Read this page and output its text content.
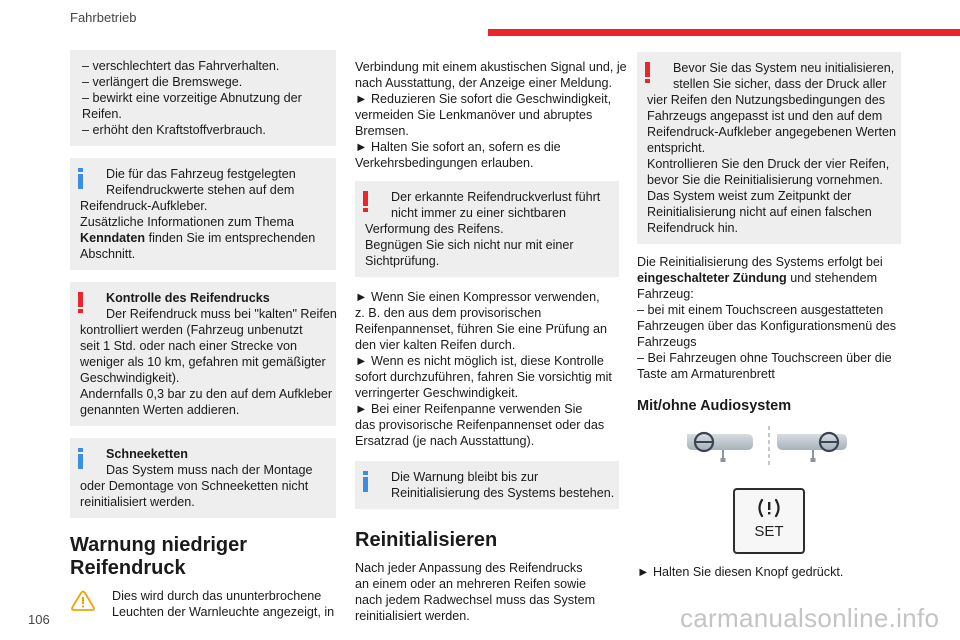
Fahrbetrieb
– verschlechtert das Fahrverhalten.
– verlängert die Bremswege.
– bewirkt eine vorzeitige Abnutzung der
Reifen.
– erhöht den Kraftstoffverbrauch.
Die für das Fahrzeug festgelegten
Reifendruckwerte stehen auf dem
Reifendruck-Aufkleber.
Zusätzliche Informationen zum Thema
Kenndaten finden Sie im entsprechenden
Abschnitt.
Kontrolle des Reifendrucks
Der Reifendruck muss bei "kalten" Reifen
kontrolliert werden (Fahrzeug unbenutzt
seit 1 Std. oder nach einer Strecke von
weniger als 10 km, gefahren mit gemäßigter
Geschwindigkeit).
Andernfalls 0,3 bar zu den auf dem Aufkleber
genannten Werten addieren.
Schneeketten
Das System muss nach der Montage
oder Demontage von Schneeketten nicht
reinitialisiert werden.
Warnung niedriger
Reifendruck
Dies wird durch das ununterbrochene
Leuchten der Warnleuchte angezeigt, in
Verbindung mit einem akustischen Signal und, je
nach Ausstattung, der Anzeige einer Meldung.
► Reduzieren Sie sofort die Geschwindigkeit,
vermeiden Sie Lenkmanöver und abruptes
Bremsen.
► Halten Sie sofort an, sofern es die
Verkehrsbedingungen erlauben.
Der erkannte Reifendruckverlust führt
nicht immer zu einer sichtbaren
Verformung des Reifens.
Begnügen Sie sich nicht nur mit einer
Sichtprüfung.
► Wenn Sie einen Kompressor verwenden,
z. B. den aus dem provisorischen
Reifenpannenset, führen Sie eine Prüfung an
den vier kalten Reifen durch.
► Wenn es nicht möglich ist, diese Kontrolle
sofort durchzuführen, fahren Sie vorsichtig mit
verringerter Geschwindigkeit.
► Bei einer Reifenpanne verwenden Sie
das provisorische Reifenpannenset oder das
Ersatzrad (je nach Ausstattung).
Die Warnung bleibt bis zur
Reinitialisierung des Systems bestehen.
Reinitialisieren
Nach jeder Anpassung des Reifendrucks
an einem oder an mehreren Reifen sowie
nach jedem Radwechsel muss das System
reinitialisiert werden.
Bevor Sie das System neu initialisieren,
stellen Sie sicher, dass der Druck aller
vier Reifen den Nutzungsbedingungen des
Fahrzeugs angepasst ist und den auf dem
Reifendruck-Aufkleber angegebenen Werten
entspricht.
Kontrollieren Sie den Druck der vier Reifen,
bevor Sie die Reinitialisierung vornehmen.
Das System weist zum Zeitpunkt der
Reinitialisierung nicht auf einen falschen
Reifendruck hin.
Die Reinitialisierung des Systems erfolgt bei
eingeschalteter Zündung und stehendem
Fahrzeug:
– bei mit einem Touchscreen ausgestatteten
Fahrzeugen über das Konfigurationsmenü des
Fahrzeugs
– Bei Fahrzeugen ohne Touchscreen über die
Taste am Armaturenbrett
Mit/ohne Audiosystem
SET
► Halten Sie diesen Knopf gedrückt.
106	carmanualsonline.info
